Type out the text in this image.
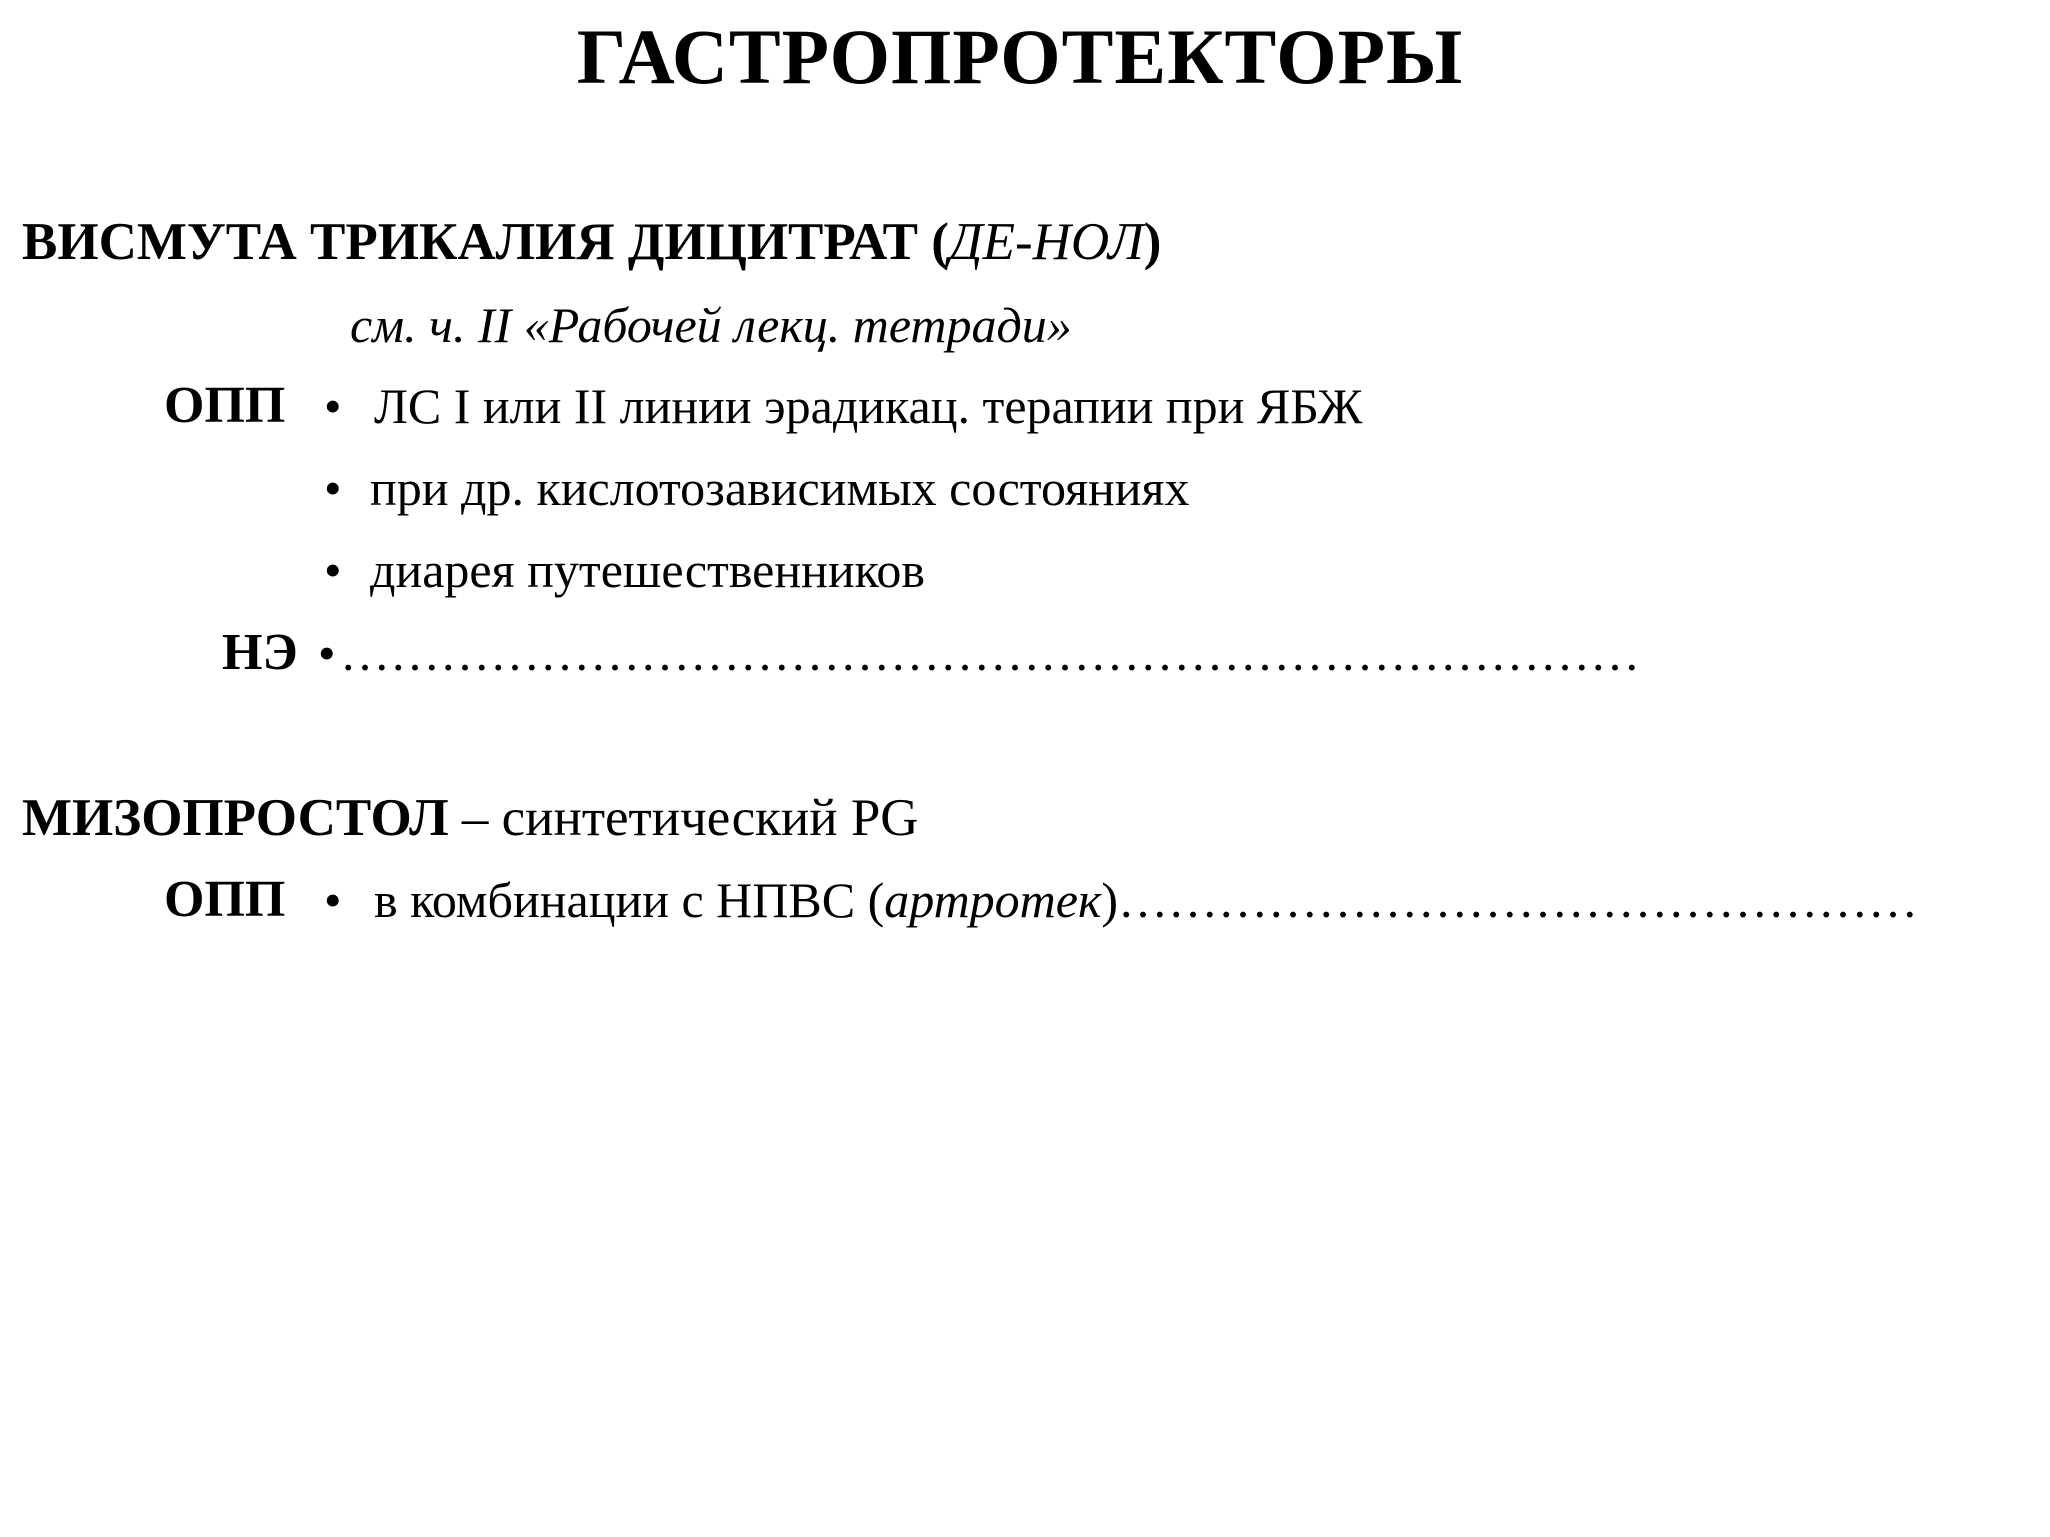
ГАСТРОПРОТЕКТОРЫ
ВИСМУТА ТРИКАЛИЯ ДИЦИТРАТ (ДЕ-НОЛ)
см. ч. II «Рабочей лекц. тетради»
ОПП • ЛС I или II линии эрадикац. терапии при ЯБЖ
• при др. кислотозависимых состояниях
• диарея путешественников
НЭ • ……………………………………………………………………
МИЗОПРОСТОЛ – синтетический PG
ОПП • в комбинации с НПВС (артротек)…………………………………………
